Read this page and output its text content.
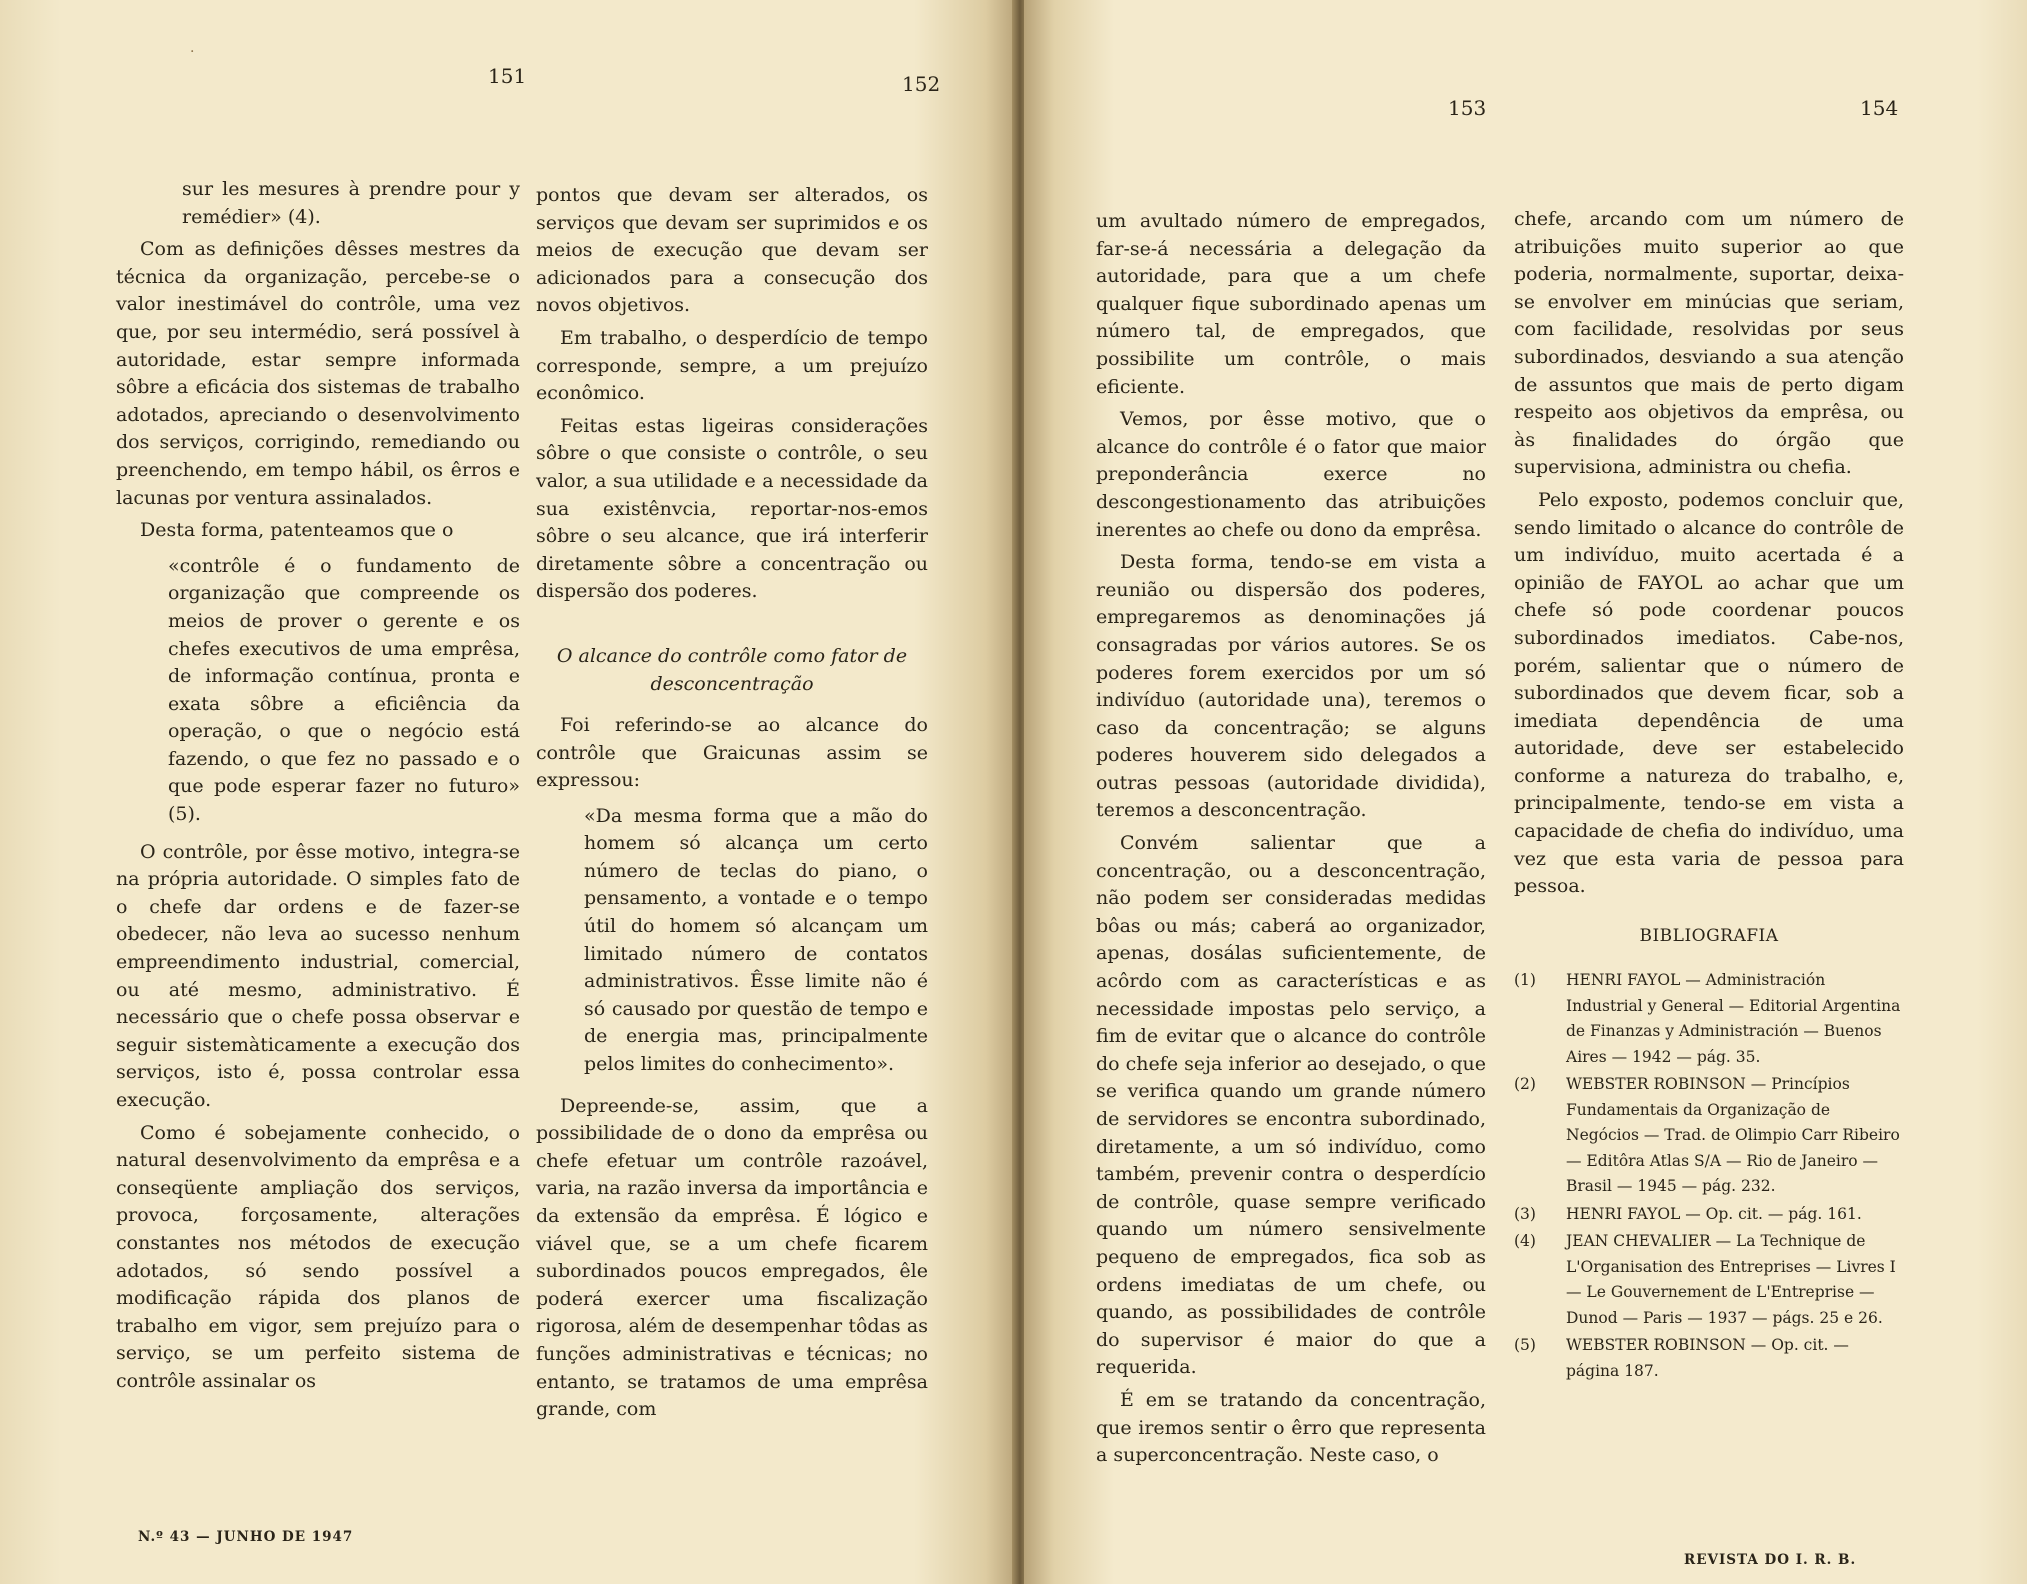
·
151	152

sur les mesures à prendre pour y remédier» (4).

Com as definições dêsses mestres da técnica da organização, percebe-se o valor inestimável do contrôle, uma vez que, por seu intermédio, será possível à autoridade, estar sempre informada sôbre a eficácia dos sistemas de trabalho adotados, apreciando o desenvolvimento dos serviços, corrigindo, remediando ou preenchendo, em tempo hábil, os êrros e lacunas por ventura assinalados.

Desta forma, patenteamos que o

«contrôle é o fundamento de organização que compreende os meios de prover o gerente e os chefes executivos de uma emprêsa, de informação contínua, pronta e exata sôbre a eficiência da operação, o que o negócio está fazendo, o que fez no passado e o que pode esperar fazer no futuro» (5).

O contrôle, por êsse motivo, integra-se na própria autoridade. O simples fato de o chefe dar ordens e de fazer-se obedecer, não leva ao sucesso nenhum empreendimento industrial, comercial, ou até mesmo, administrativo. É necessário que o chefe possa observar e seguir sistemàticamente a execução dos serviços, isto é, possa controlar essa execução.

Como é sobejamente conhecido, o natural desenvolvimento da emprêsa e a conseqüente ampliação dos serviços, provoca, forçosamente, alterações constantes nos métodos de execução adotados, só sendo possível a modificação rápida dos planos de trabalho em vigor, sem prejuízo para o serviço, se um perfeito sistema de contrôle assinalar os

pontos que devam ser alterados, os serviços que devam ser suprimidos e os meios de execução que devam ser adicionados para a consecução dos novos objetivos.

Em trabalho, o desperdício de tempo corresponde, sempre, a um prejuízo econômico.

Feitas estas ligeiras considerações sôbre o que consiste o contrôle, o seu valor, a sua utilidade e a necessidade da sua existênvcia, reportar-nos-emos sôbre o seu alcance, que irá interferir diretamente sôbre a concentração ou dispersão dos poderes.

O alcance do contrôle como fator de desconcentração

Foi referindo-se ao alcance do contrôle que Graicunas assim se expressou:

«Da mesma forma que a mão do homem só alcança um certo número de teclas do piano, o pensamento, a vontade e o tempo útil do homem só alcançam um limitado número de contatos administrativos. Êsse limite não é só causado por questão de tempo e de energia mas, principalmente pelos limites do conhecimento».

Depreende-se, assim, que a possibilidade de o dono da emprêsa ou chefe efetuar um contrôle razoável, varia, na razão inversa da importância e da extensão da emprêsa. É lógico e viável que, se a um chefe ficarem subordinados poucos empregados, êle poderá exercer uma fiscalização rigorosa, além de desempenhar tôdas as funções administrativas e técnicas; no entanto, se tratamos de uma emprêsa grande, com

N.º 43 — JUNHO DE 1947
153	154

um avultado número de empregados, far-se-á necessária a delegação da autoridade, para que a um chefe qualquer fique subordinado apenas um número tal, de empregados, que possibilite um contrôle, o mais eficiente.

Vemos, por êsse motivo, que o alcance do contrôle é o fator que maior preponderância exerce no descongestionamento das atribuições inerentes ao chefe ou dono da emprêsa.

Desta forma, tendo-se em vista a reunião ou dispersão dos poderes, empregaremos as denominações já consagradas por vários autores. Se os poderes forem exercidos por um só indivíduo (autoridade una), teremos o caso da concentração; se alguns poderes houverem sido delegados a outras pessoas (autoridade dividida), teremos a desconcentração.

Convém salientar que a concentração, ou a desconcentração, não podem ser consideradas medidas bôas ou más; caberá ao organizador, apenas, dosálas suficientemente, de acôrdo com as características e as necessidade impostas pelo serviço, a fim de evitar que o alcance do contrôle do chefe seja inferior ao desejado, o que se verifica quando um grande número de servidores se encontra subordinado, diretamente, a um só indivíduo, como também, prevenir contra o desperdício de contrôle, quase sempre verificado quando um número sensivelmente pequeno de empregados, fica sob as ordens imediatas de um chefe, ou quando, as possibilidades de contrôle do supervisor é maior do que a requerida.

É em se tratando da concentração, que iremos sentir o êrro que representa a superconcentração. Neste caso, o

chefe, arcando com um número de atribuições muito superior ao que poderia, normalmente, suportar, deixa-se envolver em minúcias que seriam, com facilidade, resolvidas por seus subordinados, desviando a sua atenção de assuntos que mais de perto digam respeito aos objetivos da emprêsa, ou às finalidades do órgão que supervisiona, administra ou chefia.

Pelo exposto, podemos concluir que, sendo limitado o alcance do contrôle de um indivíduo, muito acertada é a opinião de FAYOL ao achar que um chefe só pode coordenar poucos subordinados imediatos. Cabe-nos, porém, salientar que o número de subordinados que devem ficar, sob a imediata dependência de uma autoridade, deve ser estabelecido conforme a natureza do trabalho, e, principalmente, tendo-se em vista a capacidade de chefia do indivíduo, uma vez que esta varia de pessoa para pessoa.

BIBLIOGRAFIA
(1)	HENRI FAYOL — Administración Industrial y General — Editorial Argentina de Finanzas y Administración — Buenos Aires — 1942 — pág. 35.
(2)	WEBSTER ROBINSON — Princípios Fundamentais da Organização de Negócios — Trad. de Olimpio Carr Ribeiro — Editôra Atlas S/A — Rio de Janeiro — Brasil — 1945 — pág. 232.
(3)	HENRI FAYOL — Op. cit. — pág. 161.
(4)	JEAN CHEVALIER — La Technique de L'Organisation des Entreprises — Livres I — Le Gouvernement de L'Entreprise — Dunod — Paris — 1937 — págs. 25 e 26.
(5)	WEBSTER ROBINSON — Op. cit. — página 187.
REVISTA DO I. R. B.
